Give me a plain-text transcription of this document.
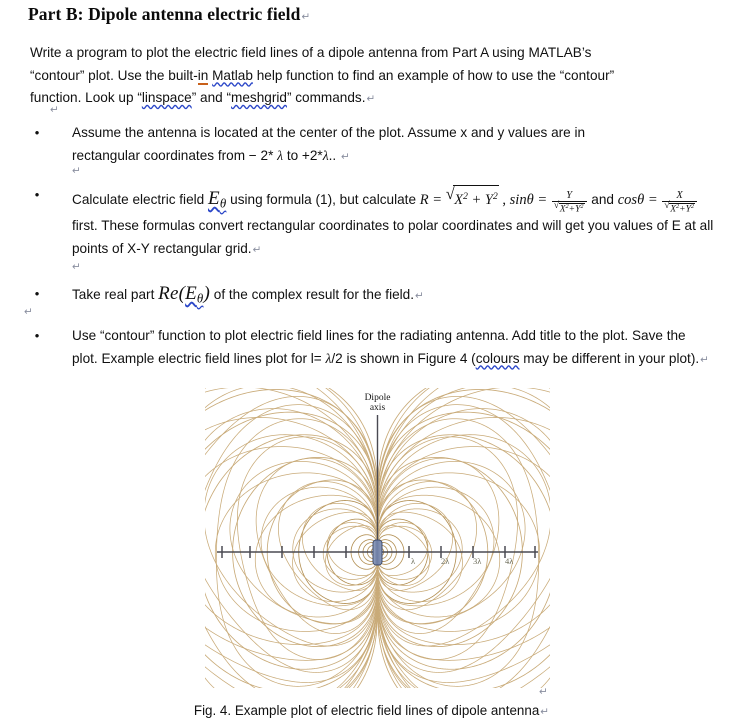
Part B: Dipole antenna electric field↵
↵
Write a program to plot the electric field lines of a dipole antenna from Part A using MATLAB’s
“contour” plot. Use the built-in Matlab help function to find an example of how to use the “contour”
function. Look up “linspace” and “meshgrid” commands.↵
↵
•	Assume the antenna is located at the center of the plot. Assume x and y values are in
rectangular coordinates from − 2* λ to +2*λ.. ↵
↵
•	Calculate electric field $E_\theta$ using formula (1), but calculate R = √ $X^2 + Y^2$ , sinθ = Y
√ $X^2+Y^2$ and cosθ = X
√ $X^2+Y^2$
first. These formulas convert rectangular coordinates to polar coordinates and will get you values of E at all points of X-Y rectangular grid.↵
↵
•	Take real part $Re(E_\theta)$ of the complex result for the field.↵
•	Use “contour” function to plot electric field lines for the radiating antenna. Add title to the plot. Save the plot. Example electric field lines plot for l= λ/2 is shown in Figure 4 (colours may be different in your plot).↵
Dipole
axis
λ	2λ	3λ	4λ
↵
Fig. 4. Example plot of electric field lines of dipole antenna↵
